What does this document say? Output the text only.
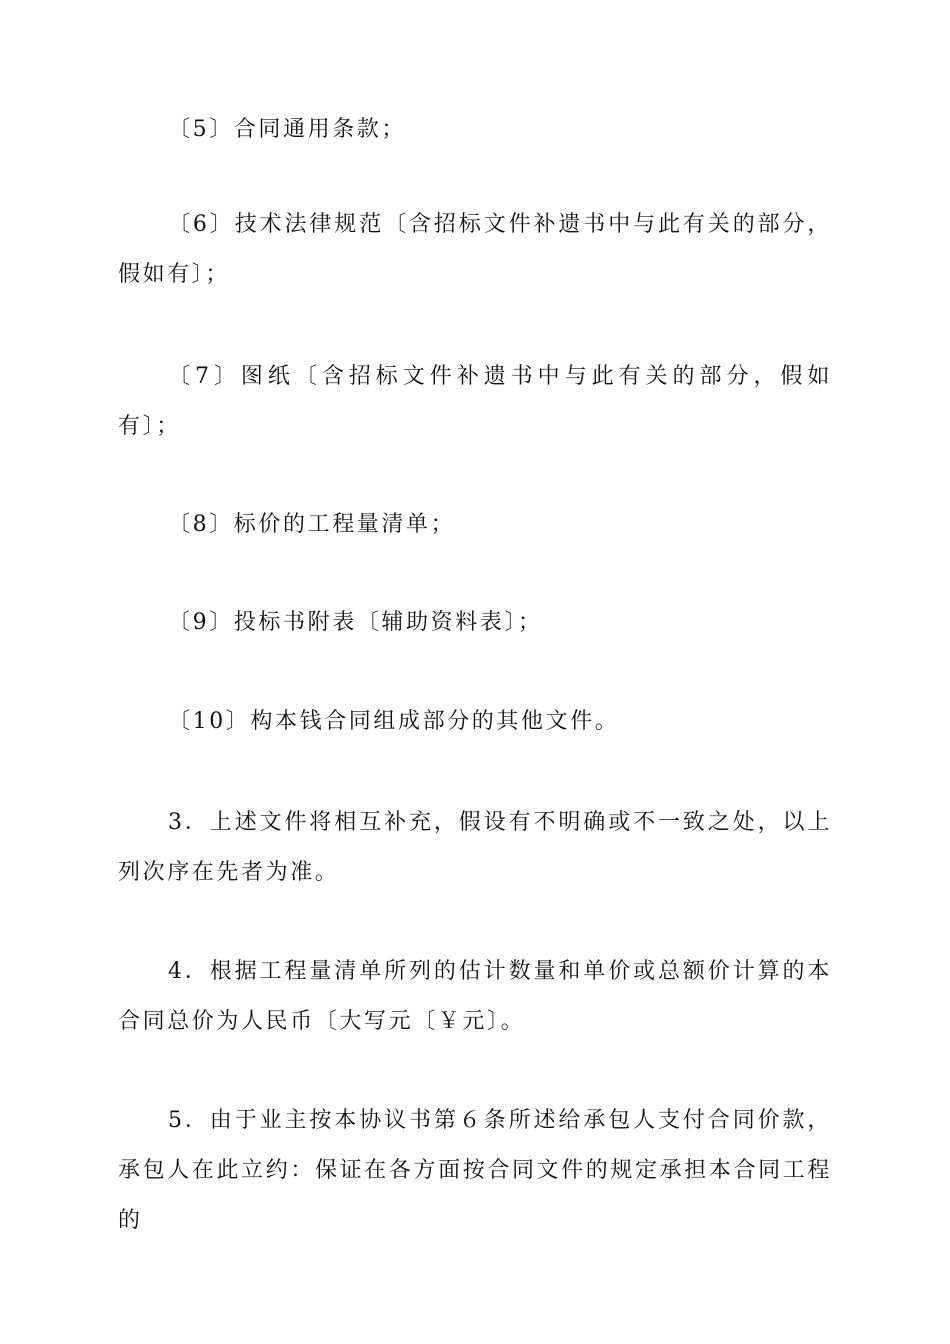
〔5〕合同通用条款；

〔6〕技术法律规范〔含招标文件补遗书中与此有关的部分，假如有〕；

〔7〕图纸〔含招标文件补遗书中与此有关的部分，假如有〕；

〔8〕标价的工程量清单；

〔9〕投标书附表〔辅助资料表〕；

〔10〕构本钱合同组成部分的其他文件。

3．上述文件将相互补充，假设有不明确或不一致之处，以上列次序在先者为准。

4．根据工程量清单所列的估计数量和单价或总额价计算的本合同总价为人民币〔大写元〔￥元〕。

5．由于业主按本协议书第６条所述给承包人支付合同价款，承包人在此立约：保证在各方面按合同文件的规定承担本合同工程的
